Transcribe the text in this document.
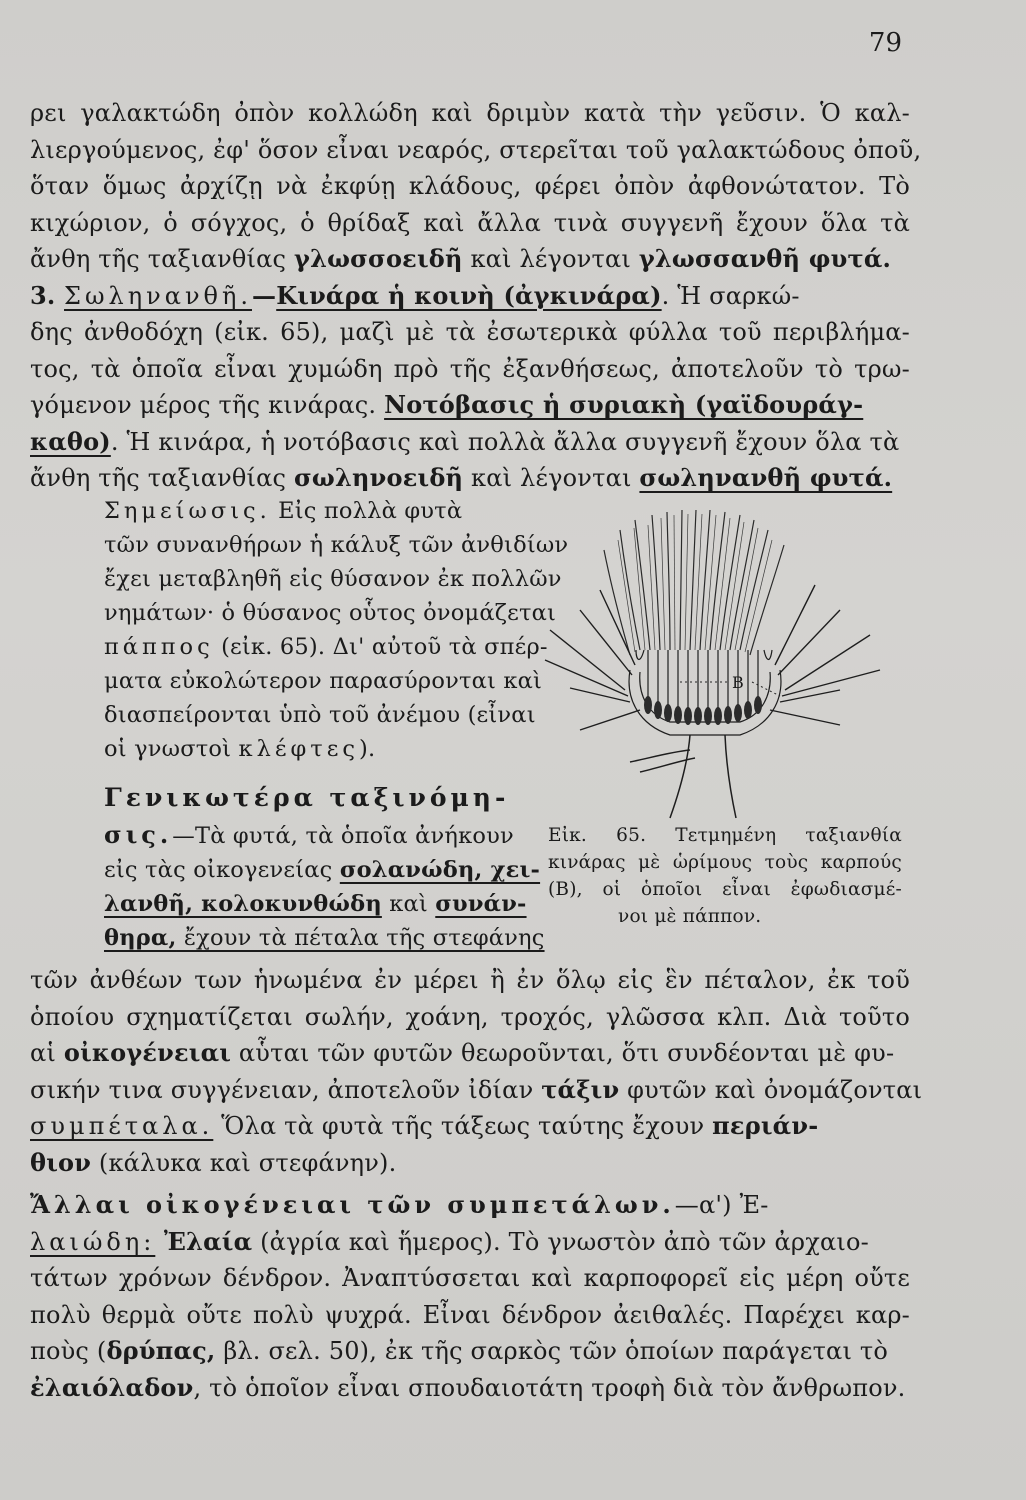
79
ρει γαλακτώδη ὀπὸν κολλώδη καὶ δριμὺν κατὰ τὴν γεῦσιν. Ὁ καλ-
λιεργούμενος, ἐφ' ὅσον εἶναι νεαρός, στερεῖται τοῦ γαλακτώδους ὀποῦ,
ὅταν ὅμως ἀρχίζῃ νὰ ἐκφύῃ κλάδους, φέρει ὀπὸν ἀφθονώτατον. Τὸ
κιχώριον, ὁ σόγχος, ὁ θρίδαξ καὶ ἄλλα τινὰ συγγενῆ ἔχουν ὅλα τὰ
ἄνθη τῆς ταξιανθίας γλωσσοειδῆ καὶ λέγονται γλωσσανθῆ φυτά.
3. Σωληνανθῆ.—Κινάρα ἡ κοινὴ (ἀγκινάρα). Ἡ σαρκώ-
δης ἀνθοδόχη (εἰκ. 65), μαζὶ μὲ τὰ ἐσωτερικὰ φύλλα τοῦ περιβλήμα-
τος, τὰ ὁποῖα εἶναι χυμώδη πρὸ τῆς ἐξανθήσεως, ἀποτελοῦν τὸ τρω-
γόμενον μέρος τῆς κινάρας. Νοτόβασις ἡ συριακὴ (γαϊδουράγ-
καθο). Ἡ κινάρα, ἡ νοτόβασις καὶ πολλὰ ἄλλα συγγενῆ ἔχουν ὅλα τὰ
ἄνθη τῆς ταξιανθίας σωληνοειδῆ καὶ λέγονται σωληνανθῆ φυτά.
Σημείωσις. Εἰς πολλὰ φυτὰ
τῶν συνανθήρων ἡ κάλυξ τῶν ἀνθιδίων
ἔχει μεταβληθῆ εἰς θύσανον ἐκ πολλῶν
νημάτων· ὁ θύσανος οὗτος ὀνομάζεται
πάππος (εἰκ. 65). Δι' αὐτοῦ τὰ σπέρ-
ματα εὐκολώτερον παρασύρονται καὶ
διασπείρονται ὑπὸ τοῦ ἀνέμου (εἶναι
οἱ γνωστοὶ κλέφτες).
Γενικωτέρα ταξινόμη-
σις.—Τὰ φυτά, τὰ ὁποῖα ἀνήκουν
εἰς τὰς οἰκογενείας σολανώδη, χει-
λανθῆ, κολοκυνθώδη καὶ συνάν-
θηρα, ἔχουν τὰ πέταλα τῆς στεφάνης
Β
Εἰκ. 65. Τετμημένη ταξιανθία
κινάρας μὲ ὡρίμους τοὺς καρπούς
(Β), οἱ ὁποῖοι εἶναι ἐφωδιασμέ-
νοι μὲ πάππον.
τῶν ἀνθέων των ἡνωμένα ἐν μέρει ἢ ἐν ὅλῳ εἰς ἓν πέταλον, ἐκ τοῦ
ὁποίου σχηματίζεται σωλήν, χοάνη, τροχός, γλῶσσα κλπ. Διὰ τοῦτο
αἱ οἰκογένειαι αὗται τῶν φυτῶν θεωροῦνται, ὅτι συνδέονται μὲ φυ-
σικήν τινα συγγένειαν, ἀποτελοῦν ἰδίαν τάξιν φυτῶν καὶ ὀνομάζονται
συμπέταλα. Ὅλα τὰ φυτὰ τῆς τάξεως ταύτης ἔχουν περιάν-
θιον (κάλυκα καὶ στεφάνην).
Ἄλλαι οἰκογένειαι τῶν συμπετάλων.—α') Ἐ-
λαιώδη: Ἐλαία (ἀγρία καὶ ἥμερος). Τὸ γνωστὸν ἀπὸ τῶν ἀρχαιο-
τάτων χρόνων δένδρον. Ἀναπτύσσεται καὶ καρποφορεῖ εἰς μέρη οὔτε
πολὺ θερμὰ οὔτε πολὺ ψυχρά. Εἶναι δένδρον ἀειθαλές. Παρέχει καρ-
ποὺς (δρύπας, βλ. σελ. 50), ἐκ τῆς σαρκὸς τῶν ὁποίων παράγεται τὸ
ἐλαιόλαδον, τὸ ὁποῖον εἶναι σπουδαιοτάτη τροφὴ διὰ τὸν ἄνθρωπον.
